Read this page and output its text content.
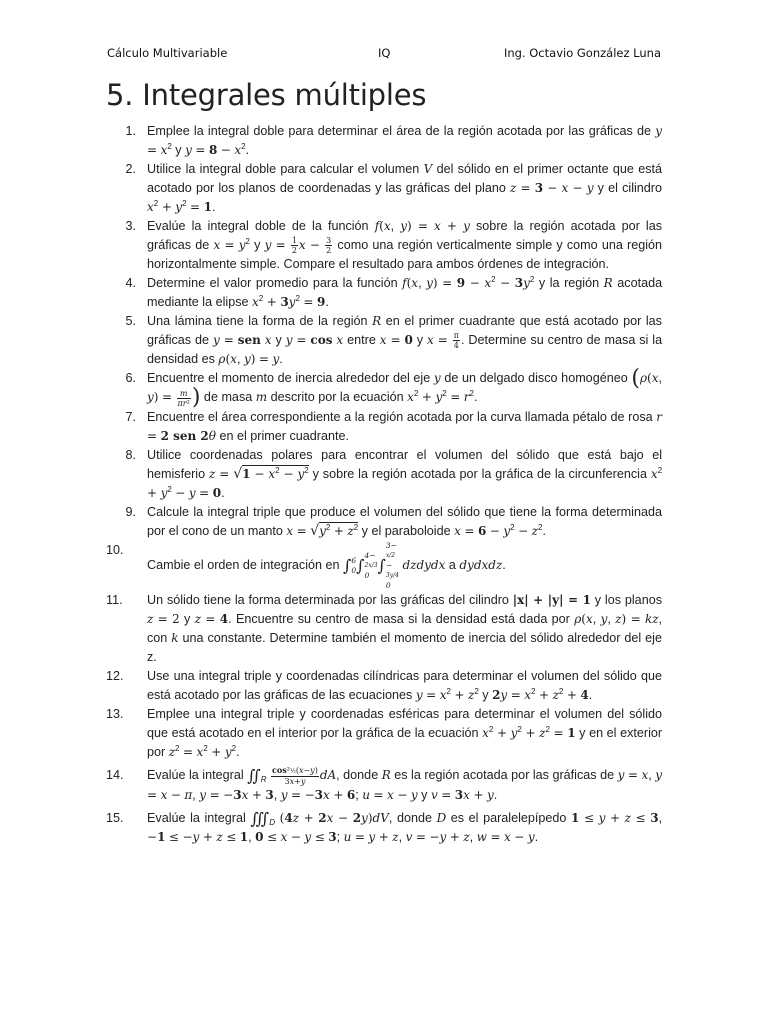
Cálculo Multivariable	IQ	Ing. Octavio González Luna
5. Integrales múltiples
1. Emplee la integral doble para determinar el área de la región acotada por las gráficas de $y = x^2$ y $y = 8 - x^2$.
2. Utilice la integral doble para calcular el volumen V del sólido en el primer octante que está acotado por los planos de coordenadas y las gráficas del plano z = 3 − x − y y el cilindro $x^2 + y^2 = 1$.
3. Evalúe la integral doble de la función f(x, y) = x + y sobre la región acotada por las gráficas de $x = y^2$ y $y = \frac{1}{2}$ $x - \frac{3}{2}$ como una región verticalmente simple y como una región horizontalmente simple. Compare el resultado para ambos órdenes de integración.
4. Determine el valor promedio para la función f(x, $y) = 9 - x^2 - 3y^2$ y la región R acotada mediante la elipse $x^2 + 3y^2 = 9$.
5. Una lámina tiene la forma de la región R en el primer cuadrante que está acotado por las gráficas de y = sen x y y = cos x entre x = 0 y $x = \frac{\pi}{4}$ . Determine su centro de masa si la densidad es ρ(x, y) = y.
6. Encuentre el momento de inercia alrededor del eje y de un delgado disco homogéneo (ρ(x, $y) = \frac{m}{\text{πr²}}$ ) de masa m descrito por la ecuación $x^2 + y^2 = r^2$.
7. Encuentre el área correspondiente a la región acotada por la curva llamada pétalo de rosa r = 2 sen 2θ en el primer cuadrante.
8. Utilice coordenadas polares para encontrar el volumen del sólido que está bajo el hemisferio $z = √1 - x^2 - y^2$ y sobre la región acotada por la gráfica de la circunferencia $x^2 + y^2 - y = 0$.
9. Calcule la integral triple que produce el volumen del sólido que tiene la forma determinada por el cono de un manto $x = √y^2 + z^2$ y el paraboloide $x = 6 - y^2 - z^2$.
10.
Cambie el orden de integración en ∫ 6
0 ∫
4−
2x/3
0
∫
3−
x/2
−
3y/4
0
dzdydx a dydxdz.
11.	Un sólido tiene la forma determinada por las gráficas del cilindro |x| + |y| = 1 y los planos z = 2 y z = 4. Encuentre su centro de masa si la densidad está dada por ρ(x, y, z) = kz, con k una constante. Determine también el momento de inercia del sólido alrededor del eje z.
12.	Use una integral triple y coordenadas cilíndricas para determinar el volumen del sólido que está acotado por las gráficas de las ecuaciones $y = x^2 + z^2$ y $2y = x^2 + z^2 + 4$.
13.	Emplee una integral triple y coordenadas esféricas para determinar el volumen del sólido que está acotado en el interior por la gráfica de la ecuación $x^2 + y^2 + z^2 = 1$ y en el exterior por $z^2 = x^2 + y^2$.
14.	Evalúe la integral $∬_R \frac{\text{cos²½(x−y)}}{3x+y}$ dA, donde R es la región acotada por las gráficas de y = x, y = x − π, y = −3x + 3, y = −3x + 6; u = x − y y v = 3x + y.
15.	Evalúe la integral $∭_D$ (4z + 2x − 2y)dV, donde D es el paralelepípedo 1 ≤ y + z ≤ 3, −1 ≤ −y + z ≤ 1, 0 ≤ x − y ≤ 3; u = y + z, v = −y + z, w = x − y.
